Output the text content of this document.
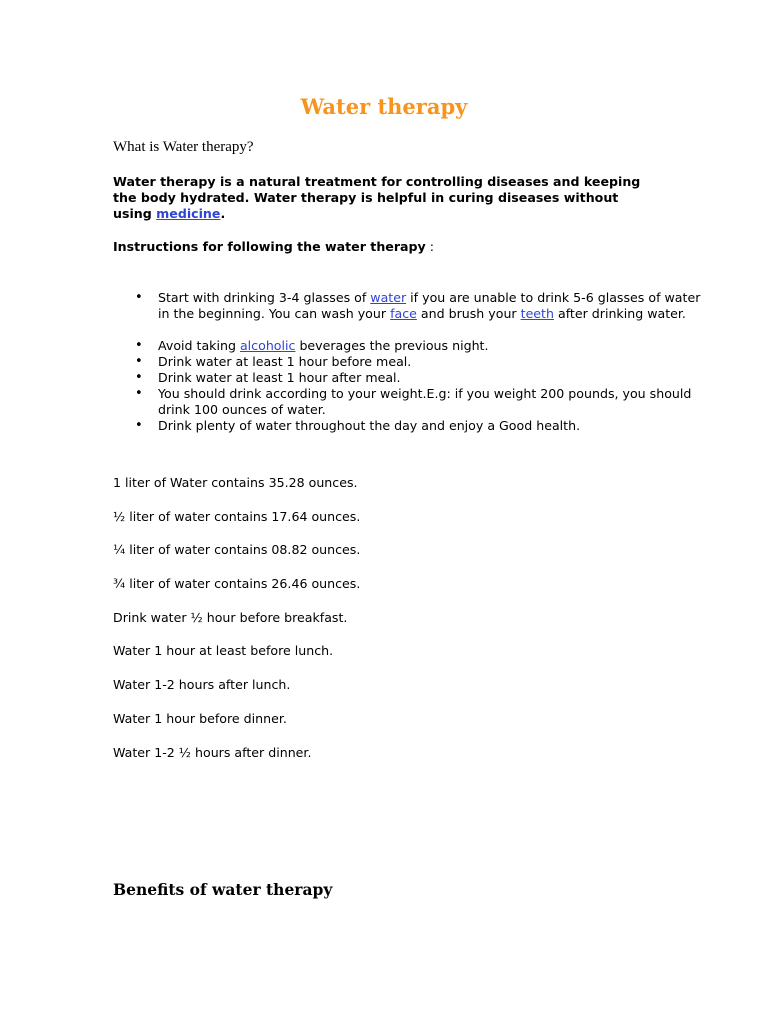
Water therapy

What is Water therapy?

Water therapy is a natural treatment for controlling diseases and keeping the body hydrated. Water therapy is helpful in curing diseases without using medicine.

Instructions for following the water therapy :

• Start with drinking 3-4 glasses of water if you are unable to drink 5-6 glasses of water in the beginning. You can wash your face and brush your teeth after drinking water.
• Avoid taking alcoholic beverages the previous night.
• Drink water at least 1 hour before meal.
• Drink water at least 1 hour after meal.
• You should drink according to your weight.E.g: if you weight 200 pounds, you should drink 100 ounces of water.
• Drink plenty of water throughout the day and enjoy a Good health.

1 liter of Water contains 35.28 ounces.

½ liter of water contains 17.64 ounces.

¼ liter of water contains 08.82 ounces.

¾ liter of water contains 26.46 ounces.

Drink water ½ hour before breakfast.

Water 1 hour at least before lunch.

Water 1-2 hours after lunch.

Water 1 hour before dinner.

Water 1-2 ½ hours after dinner.

Benefits of water therapy
